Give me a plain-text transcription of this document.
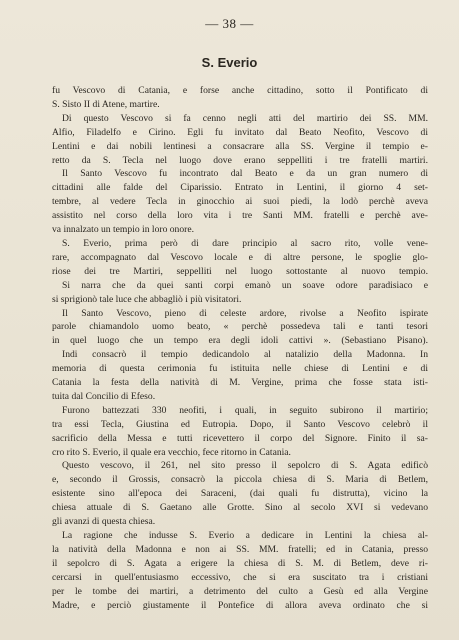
— 38 —
S. Everio
fu Vescovo di Catania, e forse anche cittadino, sotto il Pontificato di
S. Sisto II di Atene, martire.
Di questo Vescovo si fa cenno negli atti del martirio dei SS. MM.
Alfio, Filadelfo e Cirino. Egli fu invitato dal Beato Neofito, Vescovo di
Lentini e dai nobili lentinesi a consacrare alla SS. Vergine il tempio e-
retto da S. Tecla nel luogo dove erano seppelliti i tre fratelli martiri.
Il Santo Vescovo fu incontrato dal Beato e da un gran numero di
cittadini alle falde del Ciparissio. Entrato in Lentini, il giorno 4 set-
tembre, al vedere Tecla in ginocchio ai suoi piedi, la lodò perchè aveva
assistito nel corso della loro vita i tre Santi MM. fratelli e perchè ave-
va innalzato un tempio in loro onore.
S. Everio, prima però di dare principio al sacro rito, volle vene-
rare, accompagnato dal Vescovo locale e di altre persone, le spoglie glo-
riose dei tre Martiri, seppelliti nel luogo sottostante al nuovo tempio.
Si narra che da quei santi corpi emanò un soave odore paradisiaco e
si sprigionò tale luce che abbagliò i più visitatori.
Il Santo Vescovo, pieno di celeste ardore, rivolse a Neofito ispirate
parole chiamandolo uomo beato, « perchè possedeva tali e tanti tesori
in quel luogo che un tempo era degli idoli cattivi ». (Sebastiano Pisano).
Indi consacrò il tempio dedicandolo al natalizio della Madonna. In
memoria di questa cerimonia fu istituita nelle chiese di Lentini e di
Catania la festa della natività di M. Vergine, prima che fosse stata isti-
tuita dal Concilio di Efeso.
Furono battezzati 330 neofiti, i quali, in seguito subirono il martirio;
tra essi Tecla, Giustina ed Eutropia. Dopo, il Santo Vescovo celebrò il
sacrificio della Messa e tutti ricevettero il corpo del Signore. Finito il sa-
cro rito S. Everio, il quale era vecchio, fece ritorno in Catania.
Questo vescovo, il 261, nel sito presso il sepolcro di S. Agata edificò
e, secondo il Grossis, consacrò la piccola chiesa di S. Maria di Betlem,
esistente sino all'epoca dei Saraceni, (dai quali fu distrutta), vicino la
chiesa attuale di S. Gaetano alle Grotte. Sino al secolo XVI si vedevano
gli avanzi di questa chiesa.
La ragione che indusse S. Everio a dedicare in Lentini la chiesa al-
la natività della Madonna e non ai SS. MM. fratelli; ed in Catania, presso
il sepolcro di S. Agata a erigere la chiesa di S. M. di Betlem, deve ri-
cercarsi in quell'entusiasmo eccessivo, che si era suscitato tra i cristiani
per le tombe dei martiri, a detrimento del culto a Gesù ed alla Vergine
Madre, e perciò giustamente il Pontefice di allora aveva ordinato che si
